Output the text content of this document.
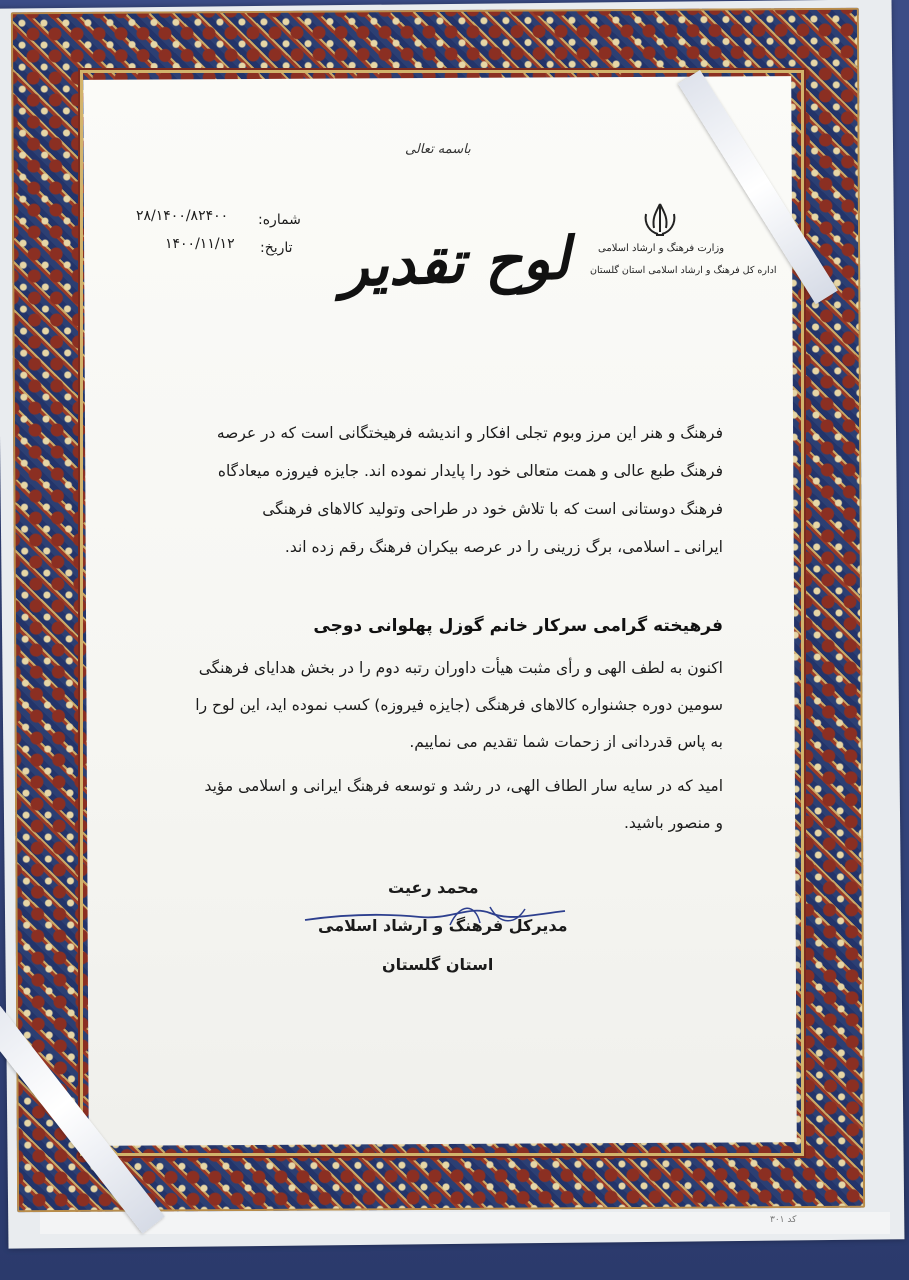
کد ۳۰۱
باسمه تعالی
وزارت فرهنگ و ارشاد اسلامی
اداره کل فرهنگ و ارشاد اسلامی استان گلستان
شماره:
۲۸/۱۴۰۰/۸۲۴۰۰
تاریخ:
۱۴۰۰/۱۱/۱۲ لوح تقدیر
فرهنگ و هنر این مرز وبوم تجلی افکار و اندیشه فرهیختگانی است که در عرصه
فرهنگ طبع عالی و همت متعالی خود را پایدار نموده اند. جایزه فیروزه میعادگاه
فرهنگ دوستانی است که با تلاش خود در طراحی وتولید کالاهای فرهنگی
ایرانی ـ اسلامی، برگ زرینی را در عرصه بیکران فرهنگ رقم زده اند.
فرهیخته گرامی سرکار خانم گوزل پهلوانی دوجی
اکنون به لطف الهی و رأی مثبت هیأت داوران رتبه دوم را در بخش هدایای فرهنگی
سومین دوره جشنواره کالاهای فرهنگی (جایزه فیروزه) کسب نموده اید، این لوح را
به پاس قدردانی از زحمات شما تقدیم می نماییم.
امید که در سایه سار الطاف الهی، در رشد و توسعه فرهنگ ایرانی و اسلامی مؤید
و منصور باشید.
محمد رعیت
مدیرکل فرهنگ و ارشاد اسلامی
استان گلستان
